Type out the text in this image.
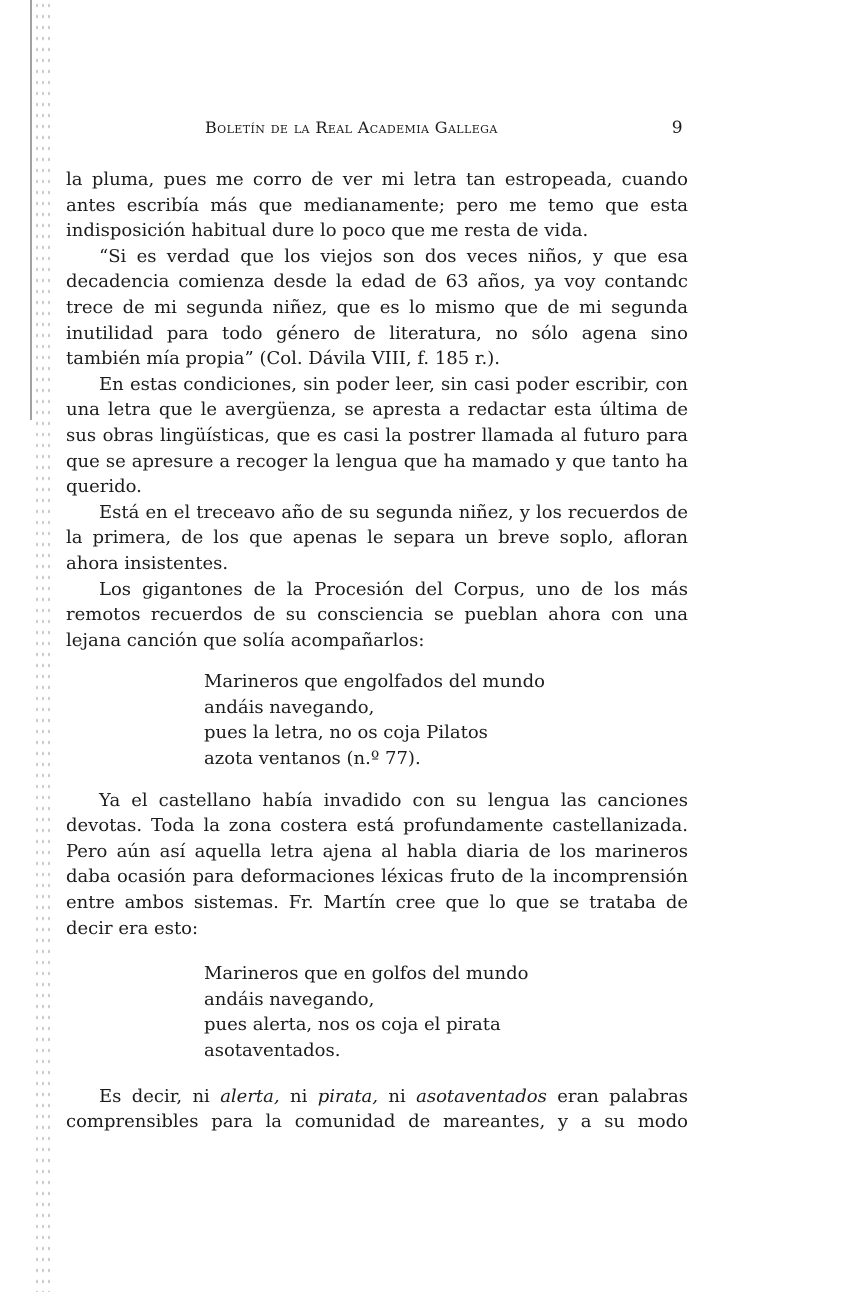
Boletín de la Real Academia Gallega	9

la pluma, pues me corro de ver mi letra tan estropeada, cuando antes escribía más que medianamente; pero me temo que esta indisposición habitual dure lo poco que me resta de vida.

“Si es verdad que los viejos son dos veces niños, y que esa decadencia comienza desde la edad de 63 años, ya voy contandc trece de mi segunda niñez, que es lo mismo que de mi segunda inutilidad para todo género de literatura, no sólo agena sino también mía propia” (Col. Dávila VIII, f. 185 r.).

En estas condiciones, sin poder leer, sin casi poder escribir, con una letra que le avergüenza, se apresta a redactar esta última de sus obras lingüísticas, que es casi la postrer llamada al futuro para que se apresure a recoger la lengua que ha mamado y que tanto ha querido.

Está en el treceavo año de su segunda niñez, y los recuerdos de la primera, de los que apenas le separa un breve soplo, afloran ahora insistentes.

Los gigantones de la Procesión del Corpus, uno de los más remotos recuerdos de su consciencia se pueblan ahora con una lejana canción que solía acompañarlos:

Marineros que engolfados del mundo
andáis navegando,
pues la letra, no os coja Pilatos
azota ventanos (n.º 77).

Ya el castellano había invadido con su lengua las canciones devotas. Toda la zona costera está profundamente castellanizada. Pero aún así aquella letra ajena al habla diaria de los marineros daba ocasión para deformaciones léxicas fruto de la incomprensión entre ambos sistemas. Fr. Martín cree que lo que se trataba de decir era esto:

Marineros que en golfos del mundo
andáis navegando,
pues alerta, nos os coja el pirata
asotaventados.

Es decir, ni alerta, ni pirata, ni asotaventados eran palabras comprensibles para la comunidad de mareantes, y a su modo
